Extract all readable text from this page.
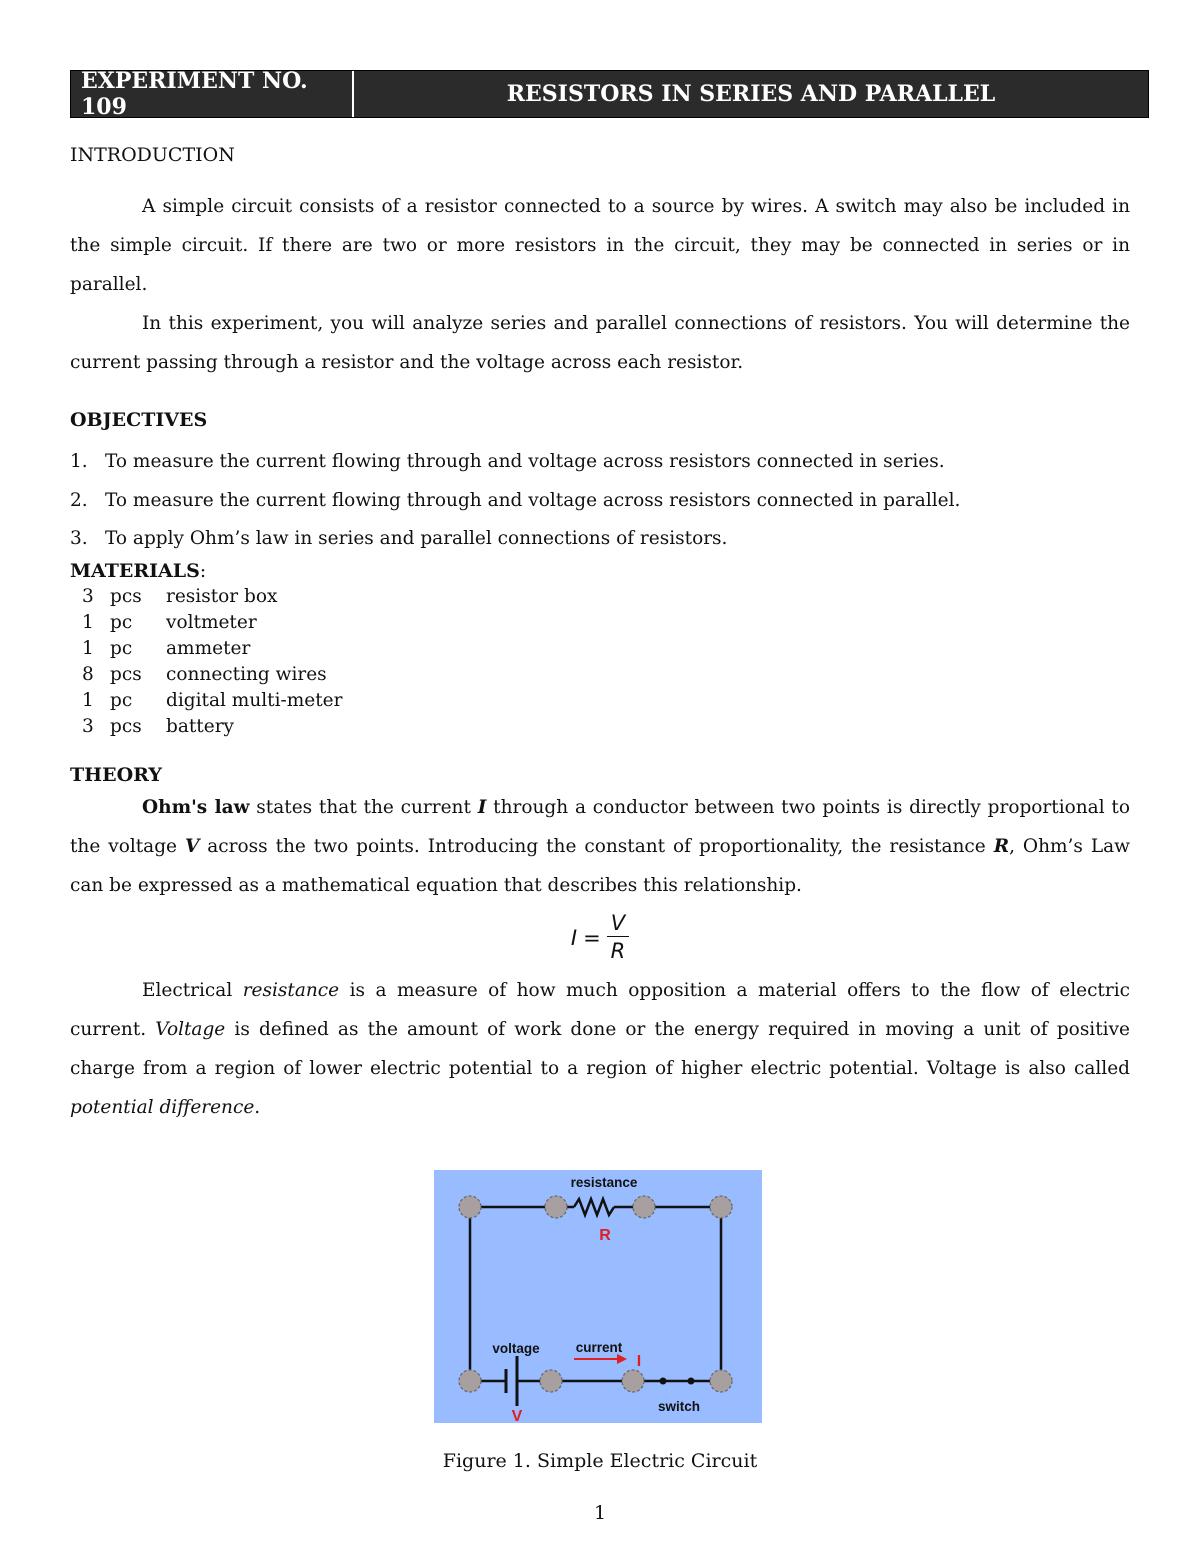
EXPERIMENT NO. 109	RESISTORS IN SERIES AND PARALLEL
INTRODUCTION

A simple circuit consists of a resistor connected to a source by wires. A switch may also be included in the simple circuit. If there are two or more resistors in the circuit, they may be connected in series or in parallel.

In this experiment, you will analyze series and parallel connections of resistors. You will determine the current passing through a resistor and the voltage across each resistor.

OBJECTIVES
1. To measure the current flowing through and voltage across resistors connected in series.
2. To measure the current flowing through and voltage across resistors connected in parallel.
3. To apply Ohm’s law in series and parallel connections of resistors.
MATERIALS:
3	pcs	resistor box
1	pc	voltmeter
1	pc	ammeter
8	pcs	connecting wires
1	pc	digital multi-meter
3	pcs	battery
THEORY

Ohm's law states that the current I through a conductor between two points is directly proportional to the voltage V across the two points. Introducing the constant of proportionality, the resistance R, Ohm’s Law can be expressed as a mathematical equation that describes this relationship.

$I = \frac{V}{R}$

Electrical resistance is a measure of how much opposition a material offers to the flow of electric current. Voltage is defined as the amount of work done or the energy required in moving a unit of positive charge from a region of lower electric potential to a region of higher electric potential. Voltage is also called potential difference.

resistance
R
voltage
V
current
I
switch
Figure 1. Simple Electric Circuit
1
